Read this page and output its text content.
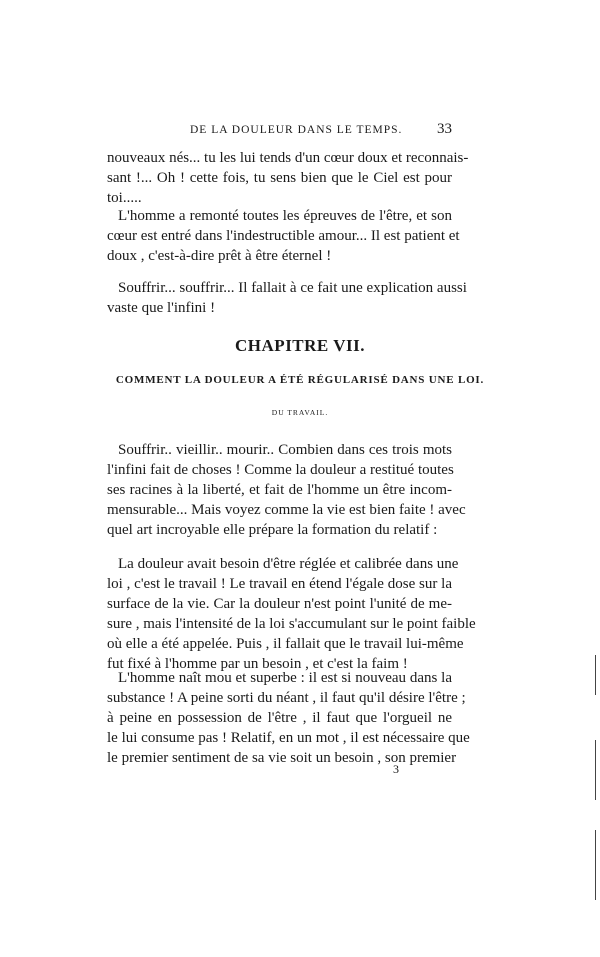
DE LA DOULEUR DANS LE TEMPS.	33

nouveaux nés... tu les lui tends d'un cœur doux et reconnais-

sant !... Oh ! cette fois, tu sens bien que le Ciel est pour

toi.....

L'homme a remonté toutes les épreuves de l'être, et son

cœur est entré dans l'indestructible amour... Il est patient et

doux , c'est-à-dire prêt à être éternel !

Souffrir... souffrir... Il fallait à ce fait une explication aussi

vaste que l'infini !

CHAPITRE VII.
COMMENT LA DOULEUR A ÉTÉ RÉGULARISÉ DANS UNE LOI.
DU TRAVAIL.

Souffrir.. vieillir.. mourir.. Combien dans ces trois mots

l'infini fait de choses ! Comme la douleur a restitué toutes

ses racines à la liberté, et fait de l'homme un être incom-

mensurable... Mais voyez comme la vie est bien faite ! avec

quel art incroyable elle prépare la formation du relatif :

La douleur avait besoin d'être réglée et calibrée dans une

loi , c'est le travail ! Le travail en étend l'égale dose sur la

surface de la vie. Car la douleur n'est point l'unité de me-

sure , mais l'intensité de la loi s'accumulant sur le point faible

où elle a été appelée. Puis , il fallait que le travail lui-même

fut fixé à l'homme par un besoin , et c'est la faim !

L'homme naît mou et superbe : il est si nouveau dans la

substance ! A peine sorti du néant , il faut qu'il désire l'être ;

à peine en possession de l'être , il faut que l'orgueil ne

le lui consume pas ! Relatif, en un mot , il est nécessaire que

le premier sentiment de sa vie soit un besoin , son premier

3
